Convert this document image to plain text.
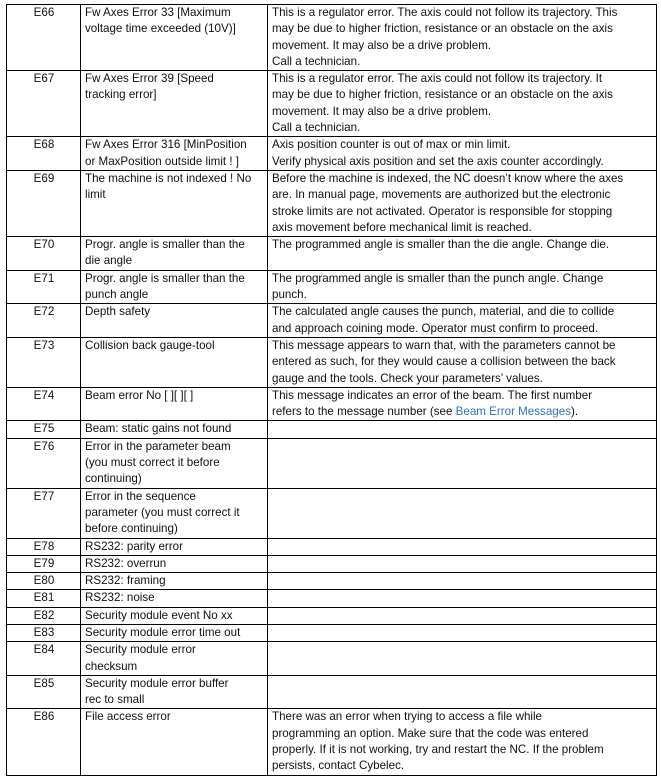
E66	Fw Axes Error 33 [Maximum
voltage time exceeded (10V)]	This is a regulator error. The axis could not follow its trajectory. This
may be due to higher friction, resistance or an obstacle on the axis
movement. It may also be a drive problem.
Call a technician.

E67	Fw Axes Error 39 [Speed
tracking error]	This is a regulator error. The axis could not follow its trajectory. It
may be due to higher friction, resistance or an obstacle on the axis
movement. It may also be a drive problem.
Call a technician.

E68	Fw Axes Error 316 [MinPosition
or MaxPosition outside limit ! ]	Axis position counter is out of max or min limit.
Verify physical axis position and set the axis counter accordingly.

E69	The machine is not indexed ! No
limit	Before the machine is indexed, the NC doesn’t know where the axes
are. In manual page, movements are authorized but the electronic
stroke limits are not activated. Operator is responsible for stopping
axis movement before mechanical limit is reached.

E70	Progr. angle is smaller than the
die angle	The programmed angle is smaller than the die angle. Change die.

E71	Progr. angle is smaller than the
punch angle	The programmed angle is smaller than the punch angle. Change
punch.

E72	Depth safety	The calculated angle causes the punch, material, and die to collide
and approach coining mode. Operator must confirm to proceed.

E73	Collision back gauge-tool	This message appears to warn that, with the parameters cannot be
entered as such, for they would cause a collision between the back
gauge and the tools. Check your parameters’ values.

E74	Beam error No [ ][ ][ ]	This message indicates an error of the beam. The first number
refers to the message number (see Beam Error Messages).

E75	Beam: static gains not found	

E76	Error in the parameter beam
(you must correct it before
continuing)	

E77	Error in the sequence
parameter (you must correct it
before continuing)	

E78	RS232: parity error	

E79	RS232: overrun	

E80	RS232: framing	

E81	RS232: noise	

E82	Security module event No xx	

E83	Security module error time out	

E84	Security module error
checksum	

E85	Security module error buffer
rec to small	

E86	File access error	There was an error when trying to access a file while
programming an option. Make sure that the code was entered
properly. If it is not working, try and restart the NC. If the problem
persists, contact Cybelec.
